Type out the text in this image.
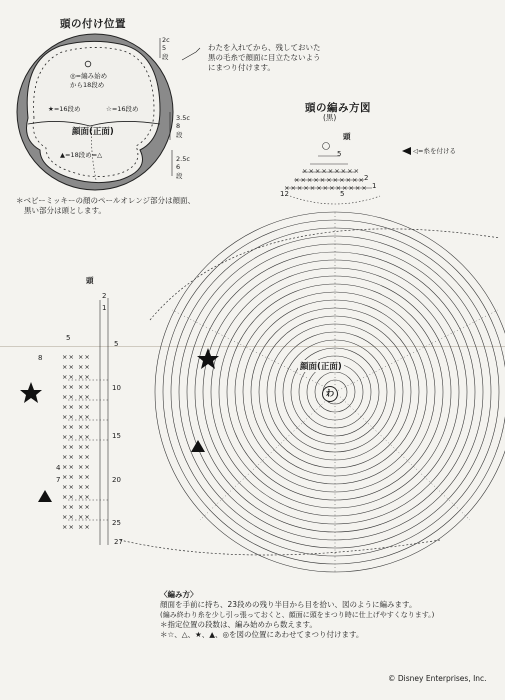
頭の付け位置
×××××××××
×××××××××××
×××××××××××××
×× ××
×× ××
×× ××
×× ××
×× ××
×× ××
×× ××
×× ××
×× ××
×× ××
×× ××
×× ××
×× ××
×× ××
×× ××
×× ××
×× ××
×× ××
わたを入れてから、残しておいた
黒の毛糸で顔面に目立たないよう
にまつり付けます。
2c
5
段
3.5c
8
段
2.5c
6
段
◎=編み始め
から18段め
★=16段め	☆=16段め
顔面(正面)
▲=18段め=△
＊ベビーミッキーの顔のペールオレンジ部分は顔面、
黒い部分は頭とします。
頭の編み方図
(黒)
頭
◁=糸を付ける
12
5
2
1
5
顔面(正面)
わ
頭
2
1
5
10
15
20
25
27
5
8
4
7
〈編み方〉
顔面を手前に持ち、23段めの残り半目から目を拾い、図のように編みます。
(編み終わり糸を少し引っ張っておくと、顔面に頭をまつり時に仕上げやすくなります。)
＊指定位置の段数は、編み始めから数えます。
＊☆、△、★、▲、◎を図の位置にあわせてまつり付けます。
© Disney Enterprises, Inc.
